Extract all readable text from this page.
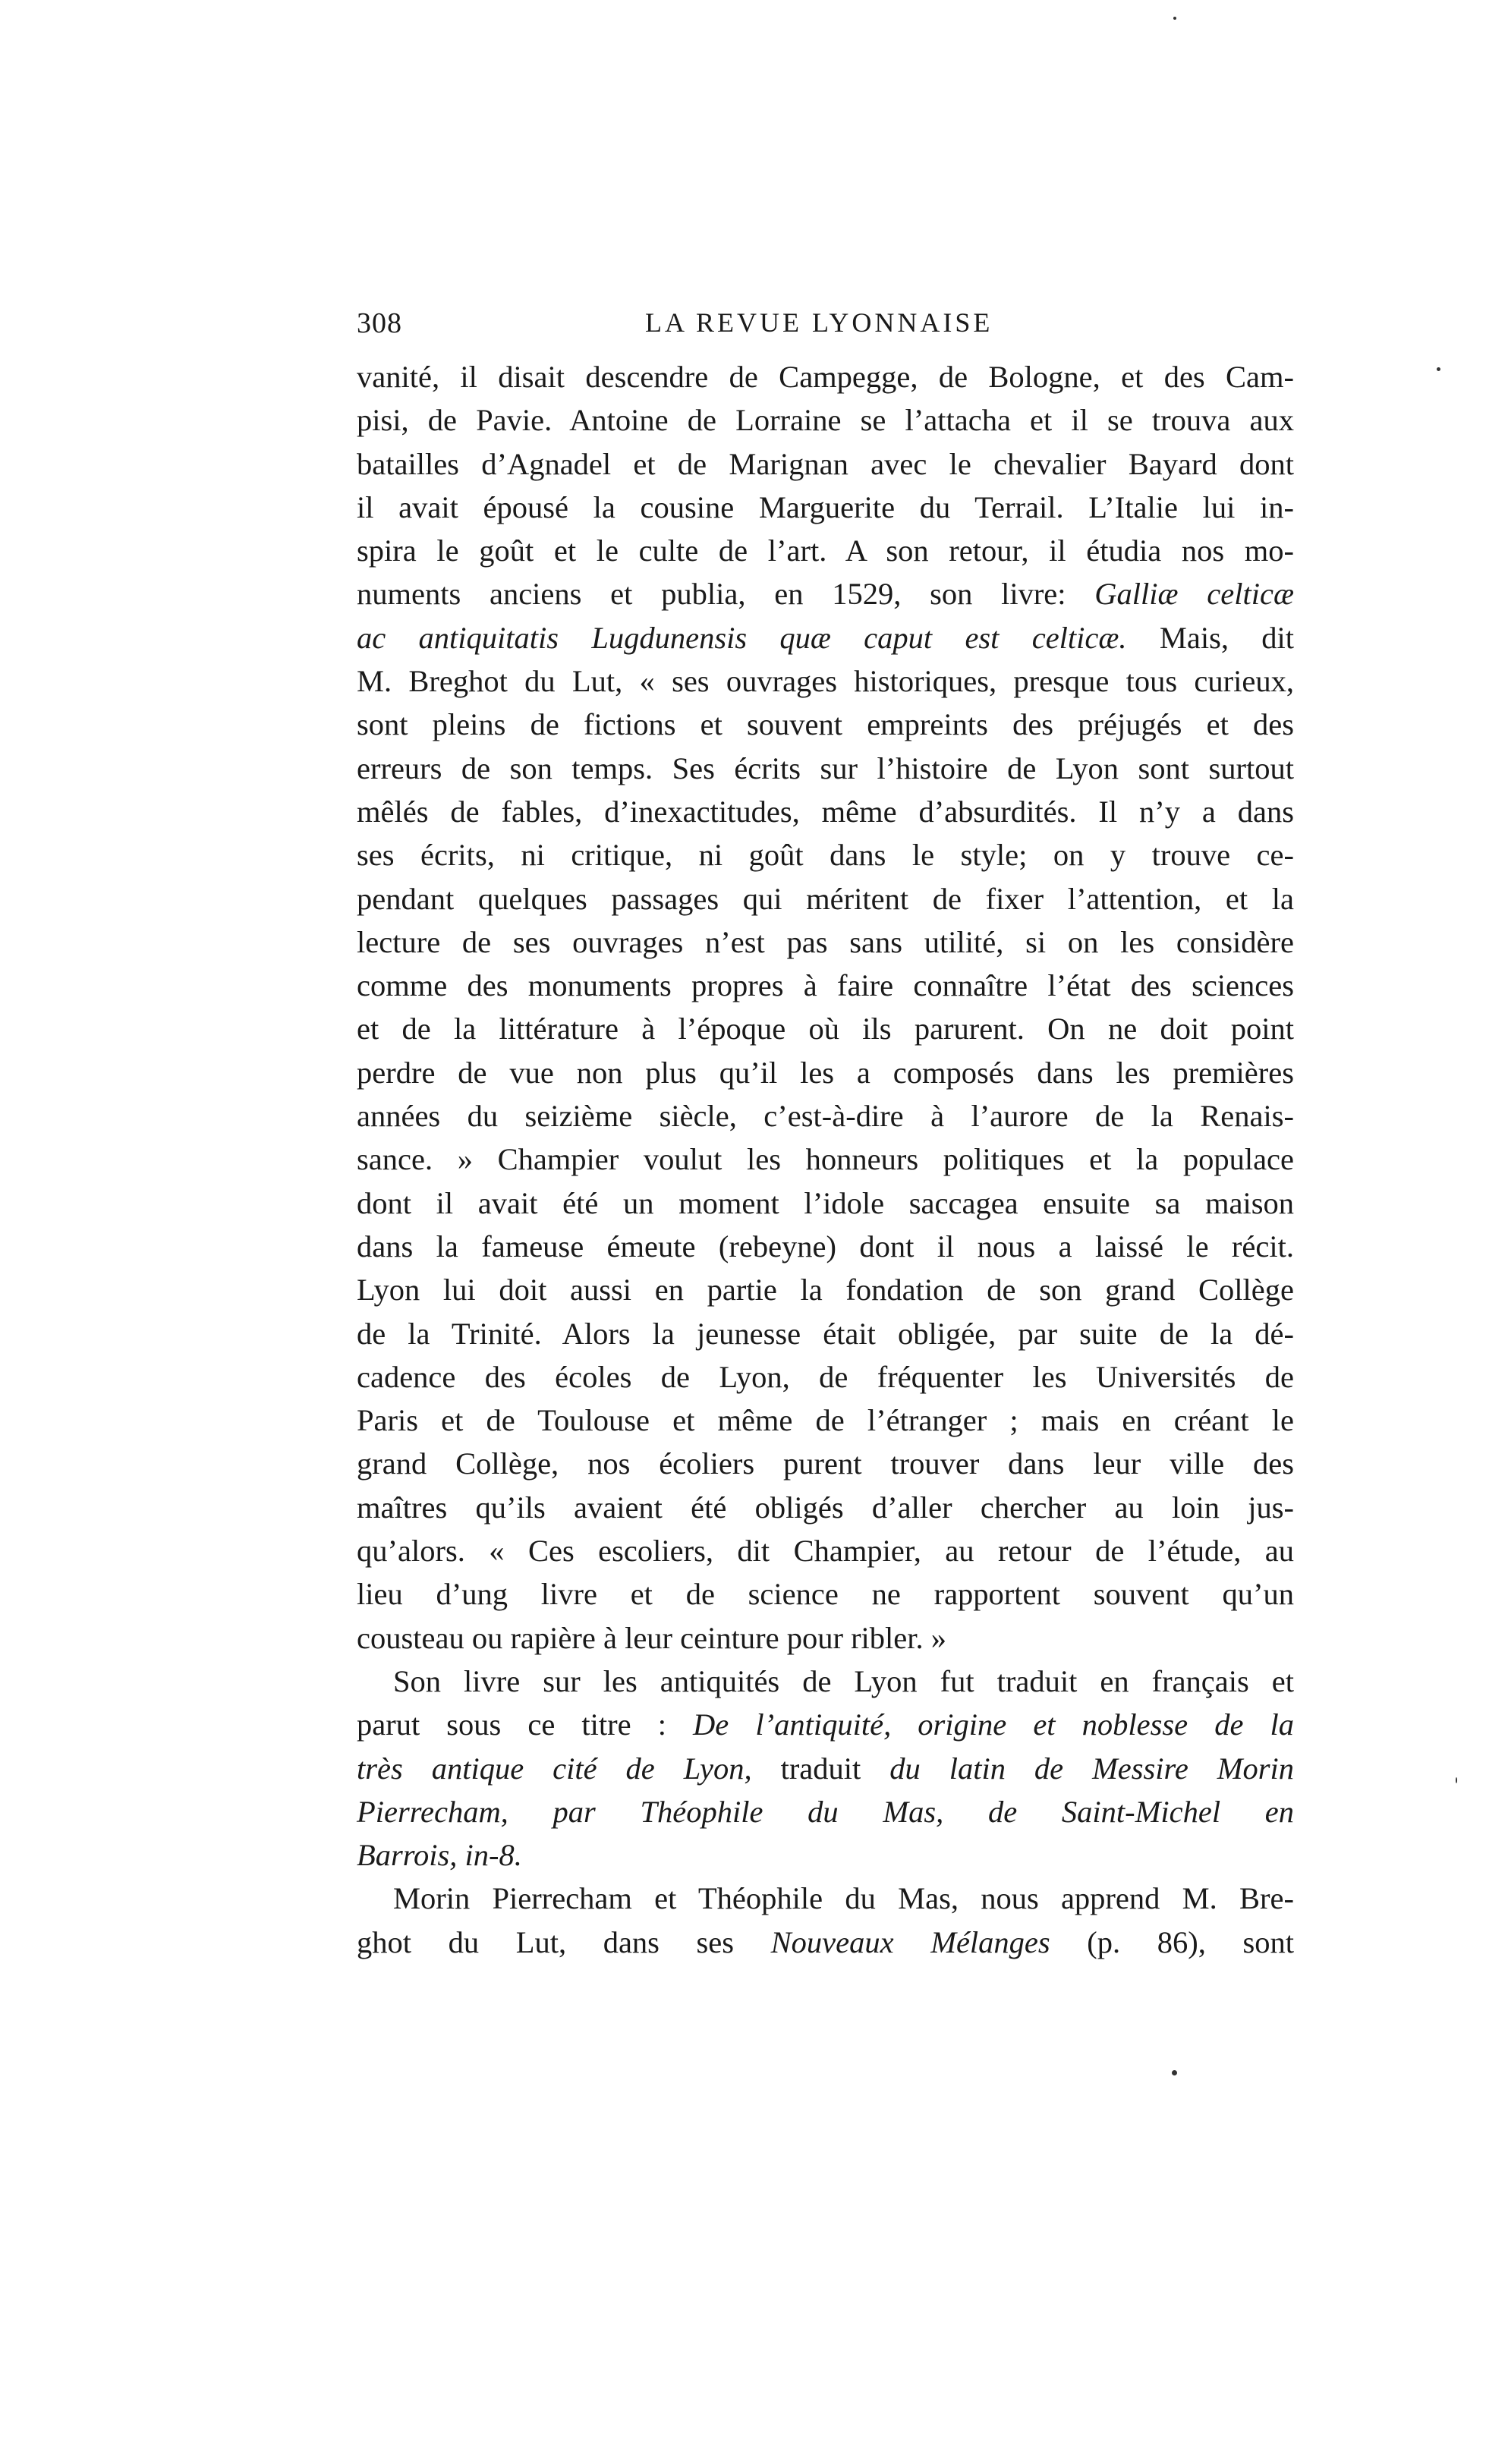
308	LA REVUE LYONNAISE
vanité, il disait descendre de Campegge, de Bologne, et des Cam-
pisi, de Pavie. Antoine de Lorraine se l’attacha et il se trouva aux
batailles d’Agnadel et de Marignan avec le chevalier Bayard dont
il avait épousé la cousine Marguerite du Terrail. L’Italie lui in-
spira le goût et le culte de l’art. A son retour, il étudia nos mo-
numents anciens et publia, en 1529, son livre: Galliæ celticæ
ac antiquitatis Lugdunensis quæ caput est celticæ. Mais, dit
M. Breghot du Lut, « ses ouvrages historiques, presque tous curieux,
sont pleins de fictions et souvent empreints des préjugés et des
erreurs de son temps. Ses écrits sur l’histoire de Lyon sont surtout
mêlés de fables, d’inexactitudes, même d’absurdités. Il n’y a dans
ses écrits, ni critique, ni goût dans le style; on y trouve ce-
pendant quelques passages qui méritent de fixer l’attention, et la
lecture de ses ouvrages n’est pas sans utilité, si on les considère
comme des monuments propres à faire connaître l’état des sciences
et de la littérature à l’époque où ils parurent. On ne doit point
perdre de vue non plus qu’il les a composés dans les premières
années du seizième siècle, c’est-à-dire à l’aurore de la Renais-
sance. » Champier voulut les honneurs politiques et la populace
dont il avait été un moment l’idole saccagea ensuite sa maison
dans la fameuse émeute (rebeyne) dont il nous a laissé le récit.
Lyon lui doit aussi en partie la fondation de son grand Collège
de la Trinité. Alors la jeunesse était obligée, par suite de la dé-
cadence des écoles de Lyon, de fréquenter les Universités de
Paris et de Toulouse et même de l’étranger ; mais en créant le
grand Collège, nos écoliers purent trouver dans leur ville des
maîtres qu’ils avaient été obligés d’aller chercher au loin jus-
qu’alors. « Ces escoliers, dit Champier, au retour de l’étude, au
lieu d’ung livre et de science ne rapportent souvent qu’un
cousteau ou rapière à leur ceinture pour ribler. »
Son livre sur les antiquités de Lyon fut traduit en français et
parut sous ce titre : De l’antiquité, origine et noblesse de la
très antique cité de Lyon, traduit du latin de Messire Morin
Pierrecham, par Théophile du Mas, de Saint-Michel en
Barrois, in-8.
Morin Pierrecham et Théophile du Mas, nous apprend M. Bre-
ghot du Lut, dans ses Nouveaux Mélanges (p. 86), sont
